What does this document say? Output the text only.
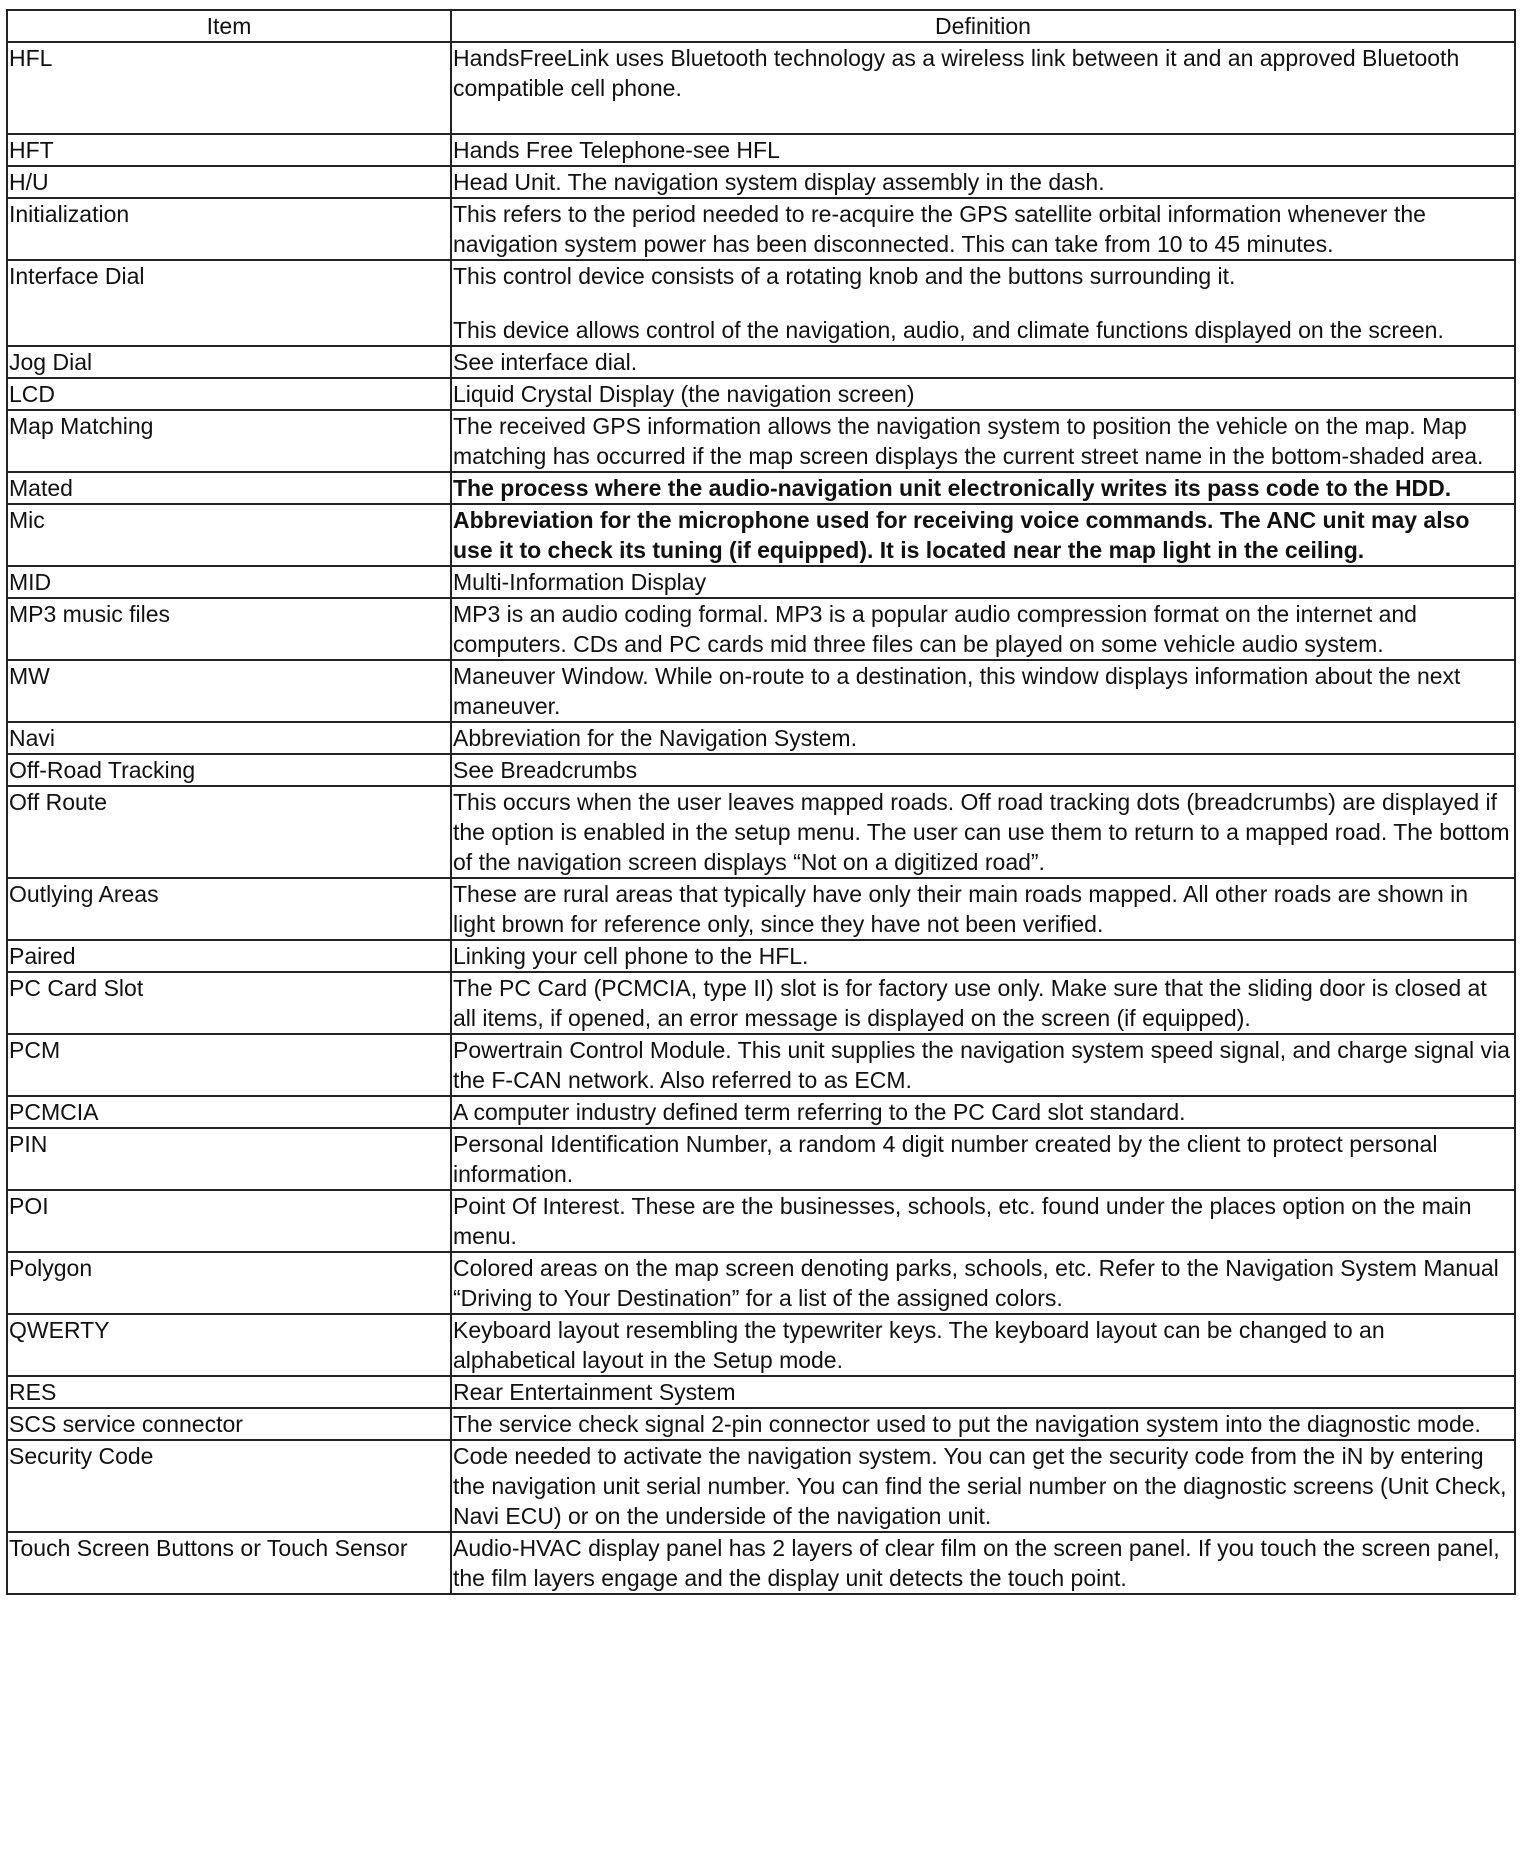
Item	Definition
HFL	HandsFreeLink uses Bluetooth technology as a wireless link between it and an approved Bluetooth compatible cell phone.

HFT	Hands Free Telephone-see HFL

H/U	Head Unit. The navigation system display assembly in the dash.

Initialization	This refers to the period needed to re-acquire the GPS satellite orbital information whenever the navigation system power has been disconnected. This can take from 10 to 45 minutes.

Interface Dial	This control device consists of a rotating knob and the buttons surrounding it.
This device allows control of the navigation, audio, and climate functions displayed on the screen.

Jog Dial	See interface dial.

LCD	Liquid Crystal Display (the navigation screen)

Map Matching	The received GPS information allows the navigation system to position the vehicle on the map. Map matching has occurred if the map screen displays the current street name in the bottom-shaded area.

Mated	The process where the audio-navigation unit electronically writes its pass code to the HDD.

Mic	Abbreviation for the microphone used for receiving voice commands. The ANC unit may also use it to check its tuning (if equipped). It is located near the map light in the ceiling.

MID	Multi-Information Display

MP3 music files	MP3 is an audio coding formal. MP3 is a popular audio compression format on the internet and computers. CDs and PC cards mid three files can be played on some vehicle audio system.

MW	Maneuver Window. While on-route to a destination, this window displays information about the next maneuver.

Navi	Abbreviation for the Navigation System.

Off-Road Tracking	See Breadcrumbs

Off Route	This occurs when the user leaves mapped roads. Off road tracking dots (breadcrumbs) are displayed if the option is enabled in the setup menu. The user can use them to return to a mapped road. The bottom of the navigation screen displays “Not on a digitized road”.

Outlying Areas	These are rural areas that typically have only their main roads mapped. All other roads are shown in light brown for reference only, since they have not been verified.

Paired	Linking your cell phone to the HFL.

PC Card Slot	The PC Card (PCMCIA, type II) slot is for factory use only. Make sure that the sliding door is closed at all items, if opened, an error message is displayed on the screen (if equipped).

PCM	Powertrain Control Module. This unit supplies the navigation system speed signal, and charge signal via the F-CAN network. Also referred to as ECM.

PCMCIA	A computer industry defined term referring to the PC Card slot standard.

PIN	Personal Identification Number, a random 4 digit number created by the client to protect personal information.

POI	Point Of Interest. These are the businesses, schools, etc. found under the places option on the main menu.

Polygon	Colored areas on the map screen denoting parks, schools, etc. Refer to the Navigation System Manual “Driving to Your Destination” for a list of the assigned colors.

QWERTY	Keyboard layout resembling the typewriter keys. The keyboard layout can be changed to an alphabetical layout in the Setup mode.

RES	Rear Entertainment System

SCS service connector	The service check signal 2-pin connector used to put the navigation system into the diagnostic mode.

Security Code	Code needed to activate the navigation system. You can get the security code from the iN by entering the navigation unit serial number. You can find the serial number on the diagnostic screens (Unit Check, Navi ECU) or on the underside of the navigation unit.

Touch Screen Buttons or Touch Sensor	Audio-HVAC display panel has 2 layers of clear film on the screen panel. If you touch the screen panel, the film layers engage and the display unit detects the touch point.
